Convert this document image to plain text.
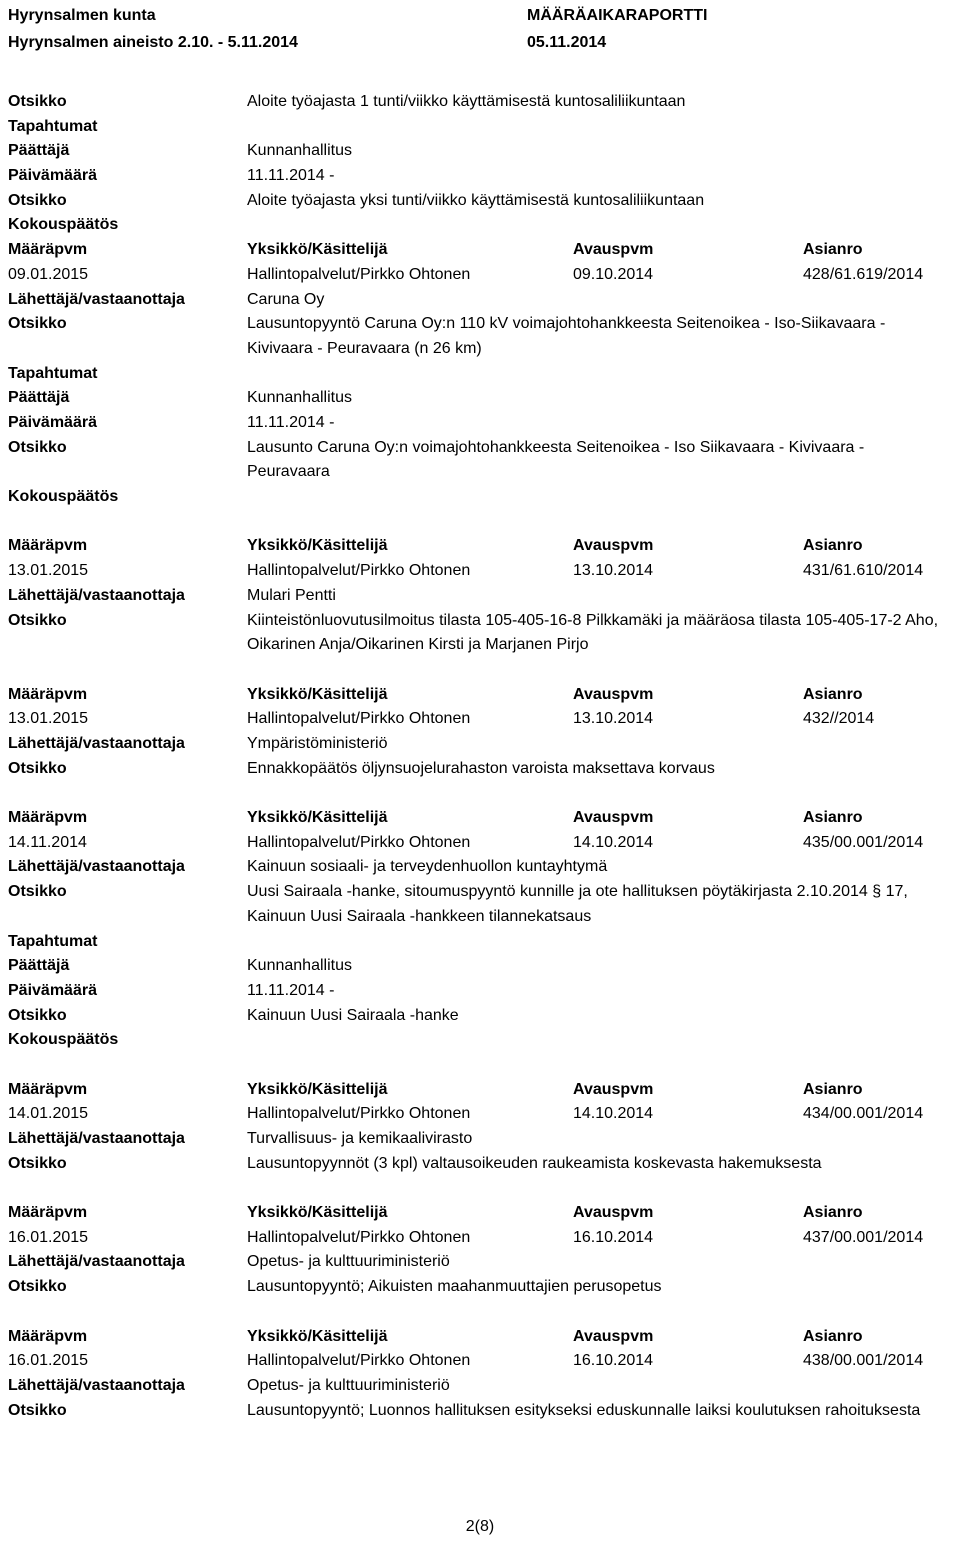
Hyrynsalmen kunta	MÄÄRÄAIKARAPORTTI
Hyrynsalmen aineisto 2.10. - 5.11.2014	05.11.2014
Otsikko	Aloite työajasta 1 tunti/viikko käyttämisestä kuntosaliliikuntaan
Tapahtumat
Päättäjä	Kunnanhallitus
Päivämäärä	11.11.2014 -
Otsikko	Aloite työajasta yksi tunti/viikko käyttämisestä kuntosaliliikuntaan
Kokouspäätös
Määräpvm	Yksikkö/Käsittelijä	Avauspvm	Asianro
09.01.2015	Hallintopalvelut/Pirkko Ohtonen	09.10.2014	428/61.619/2014
Lähettäjä/vastaanottaja	Caruna Oy
Otsikko	Lausuntopyyntö Caruna Oy:n 110 kV voimajohtohankkeesta Seitenoikea - Iso-Siikavaara - Kivivaara - Peuravaara (n 26 km)
Tapahtumat
Päättäjä	Kunnanhallitus
Päivämäärä	11.11.2014 -
Otsikko	Lausunto Caruna Oy:n voimajohtohankkeesta Seitenoikea - Iso Siikavaara - Kivivaara - Peuravaara
Kokouspäätös
Määräpvm	Yksikkö/Käsittelijä	Avauspvm	Asianro
13.01.2015	Hallintopalvelut/Pirkko Ohtonen	13.10.2014	431/61.610/2014
Lähettäjä/vastaanottaja	Mulari Pentti
Otsikko	Kiinteistönluovutusilmoitus tilasta 105-405-16-8 Pilkkamäki ja määräosa tilasta 105-405-17-2 Aho, Oikarinen Anja/Oikarinen Kirsti ja Marjanen Pirjo
Määräpvm	Yksikkö/Käsittelijä	Avauspvm	Asianro
13.01.2015	Hallintopalvelut/Pirkko Ohtonen	13.10.2014	432//2014
Lähettäjä/vastaanottaja	Ympäristöministeriö
Otsikko	Ennakkopäätös öljynsuojelurahaston varoista maksettava korvaus
Määräpvm	Yksikkö/Käsittelijä	Avauspvm	Asianro
14.11.2014	Hallintopalvelut/Pirkko Ohtonen	14.10.2014	435/00.001/2014
Lähettäjä/vastaanottaja	Kainuun sosiaali- ja terveydenhuollon kuntayhtymä
Otsikko	Uusi Sairaala -hanke, sitoumuspyyntö kunnille ja ote hallituksen pöytäkirjasta 2.10.2014 § 17, Kainuun Uusi Sairaala -hankkeen tilannekatsaus
Tapahtumat
Päättäjä	Kunnanhallitus
Päivämäärä	11.11.2014 -
Otsikko	Kainuun Uusi Sairaala -hanke
Kokouspäätös
Määräpvm	Yksikkö/Käsittelijä	Avauspvm	Asianro
14.01.2015	Hallintopalvelut/Pirkko Ohtonen	14.10.2014	434/00.001/2014
Lähettäjä/vastaanottaja	Turvallisuus- ja kemikaalivirasto
Otsikko	Lausuntopyynnöt (3 kpl) valtausoikeuden raukeamista koskevasta hakemuksesta
Määräpvm	Yksikkö/Käsittelijä	Avauspvm	Asianro
16.01.2015	Hallintopalvelut/Pirkko Ohtonen	16.10.2014	437/00.001/2014
Lähettäjä/vastaanottaja	Opetus- ja kulttuuriministeriö
Otsikko	Lausuntopyyntö; Aikuisten maahanmuuttajien perusopetus
Määräpvm	Yksikkö/Käsittelijä	Avauspvm	Asianro
16.01.2015	Hallintopalvelut/Pirkko Ohtonen	16.10.2014	438/00.001/2014
Lähettäjä/vastaanottaja	Opetus- ja kulttuuriministeriö
Otsikko	Lausuntopyyntö; Luonnos hallituksen esitykseksi eduskunnalle laiksi koulutuksen rahoituksesta
2(8)
